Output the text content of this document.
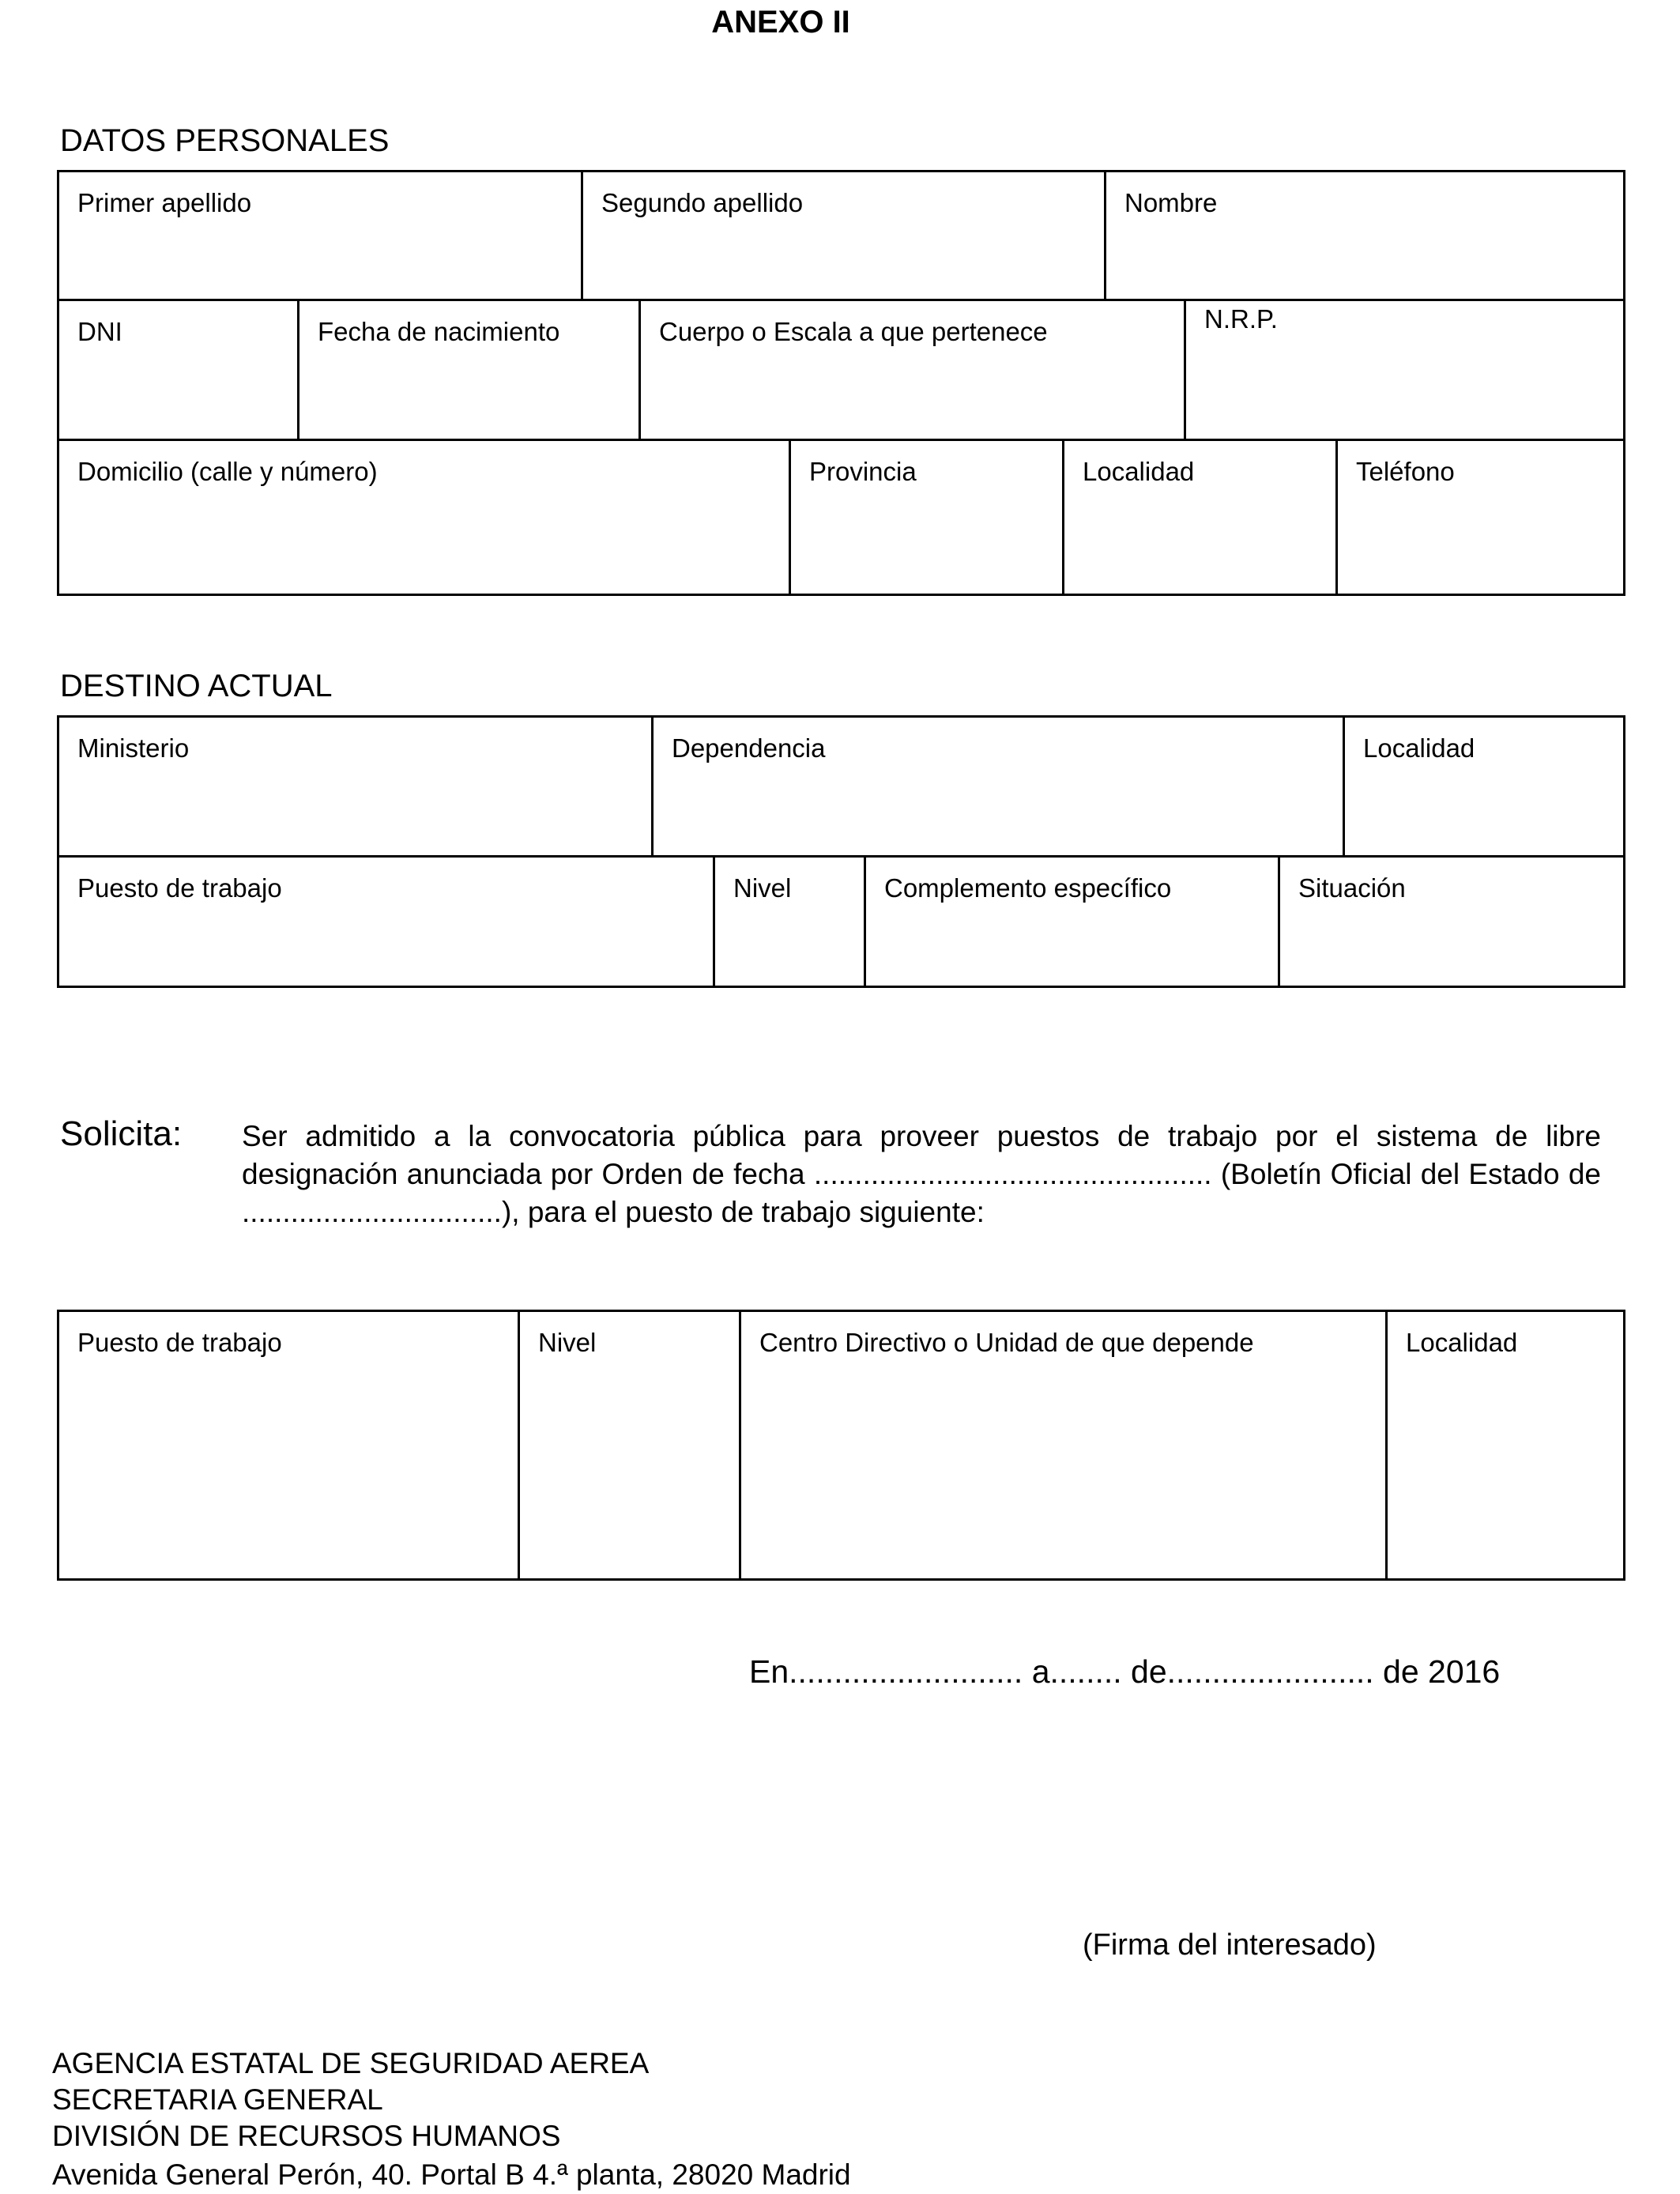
ANEXO II
DATOS PERSONALES
Primer apellido	Segundo apellido	Nombre
DNI	Fecha de nacimiento	Cuerpo o Escala a que pertenece	N.R.P.
Domicilio (calle y número)	Provincia	Localidad	Teléfono
DESTINO ACTUAL
Ministerio	Dependencia	Localidad
Puesto de trabajo	Nivel	Complemento específico	Situación
Solicita: Ser admitido a la convocatoria pública para proveer puestos de trabajo por el sistema de libre designación anunciada por Orden de fecha ................................................. (Boletín Oficial del Estado de ................................), para el puesto de trabajo siguiente:
Puesto de trabajo	Nivel	Centro Directivo o Unidad de que depende	Localidad
En.......................... a........ de....................... de 2016
(Firma del interesado)
AGENCIA ESTATAL DE SEGURIDAD AEREA
SECRETARIA GENERAL
DIVISIÓN DE RECURSOS HUMANOS
Avenida General Perón, 40. Portal B 4.ª planta, 28020 Madrid
